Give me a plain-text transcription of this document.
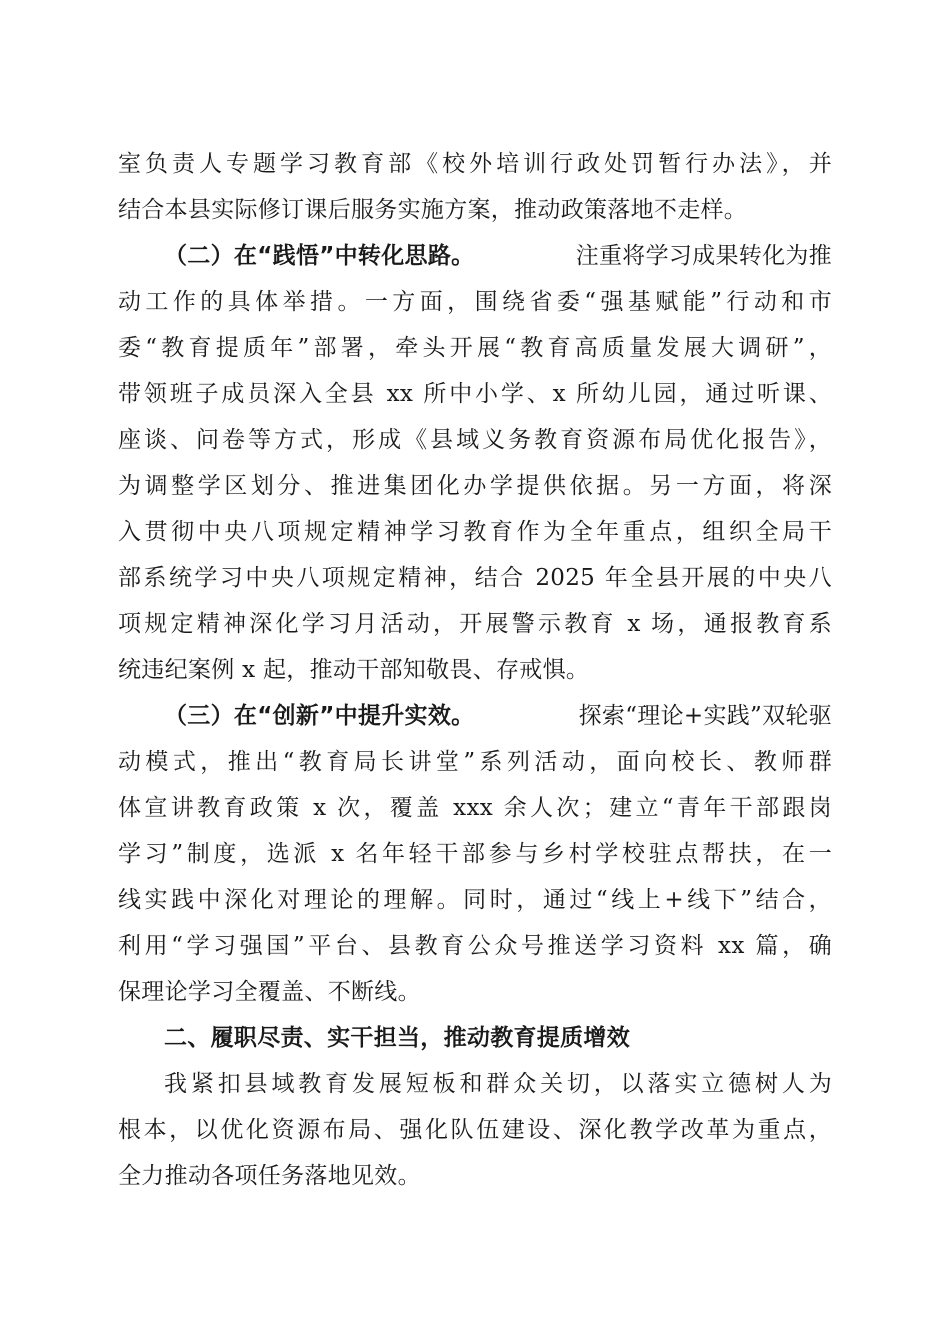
室负责人专题学习教育部《校外培训行政处罚暂行办法》，并
结合本县实际修订课后服务实施方案，推动政策落地不走样。
（二）在“践悟”中转化思路。	注重将学习成果转化为推
动工作的具体举措。一方面，围绕省委“强基赋能”行动和市
委“教育提质年”部署，牵头开展“教育高质量发展大调研”，
带领班子成员深入全县 xx 所中小学、x 所幼儿园，通过听课、
座谈、问卷等方式，形成《县域义务教育资源布局优化报告》，
为调整学区划分、推进集团化办学提供依据。另一方面，将深
入贯彻中央八项规定精神学习教育作为全年重点，组织全局干
部系统学习中央八项规定精神，结合 2025 年全县开展的中央八
项规定精神深化学习月活动，开展警示教育 x 场，通报教育系
统违纪案例 x 起，推动干部知敬畏、存戒惧。
（三）在“创新”中提升实效。	探索“理论+实践”双轮驱
动模式，推出“教育局长讲堂”系列活动，面向校长、教师群
体宣讲教育政策 x 次，覆盖 xxx 余人次；建立“青年干部跟岗
学习”制度，选派 x 名年轻干部参与乡村学校驻点帮扶，在一
线实践中深化对理论的理解。同时，通过“线上+线下”结合，
利用“学习强国”平台、县教育公众号推送学习资料 xx 篇，确
保理论学习全覆盖、不断线。
二、履职尽责、实干担当，推动教育提质增效
我紧扣县域教育发展短板和群众关切，以落实立德树人为
根本，以优化资源布局、强化队伍建设、深化教学改革为重点，
全力推动各项任务落地见效。
